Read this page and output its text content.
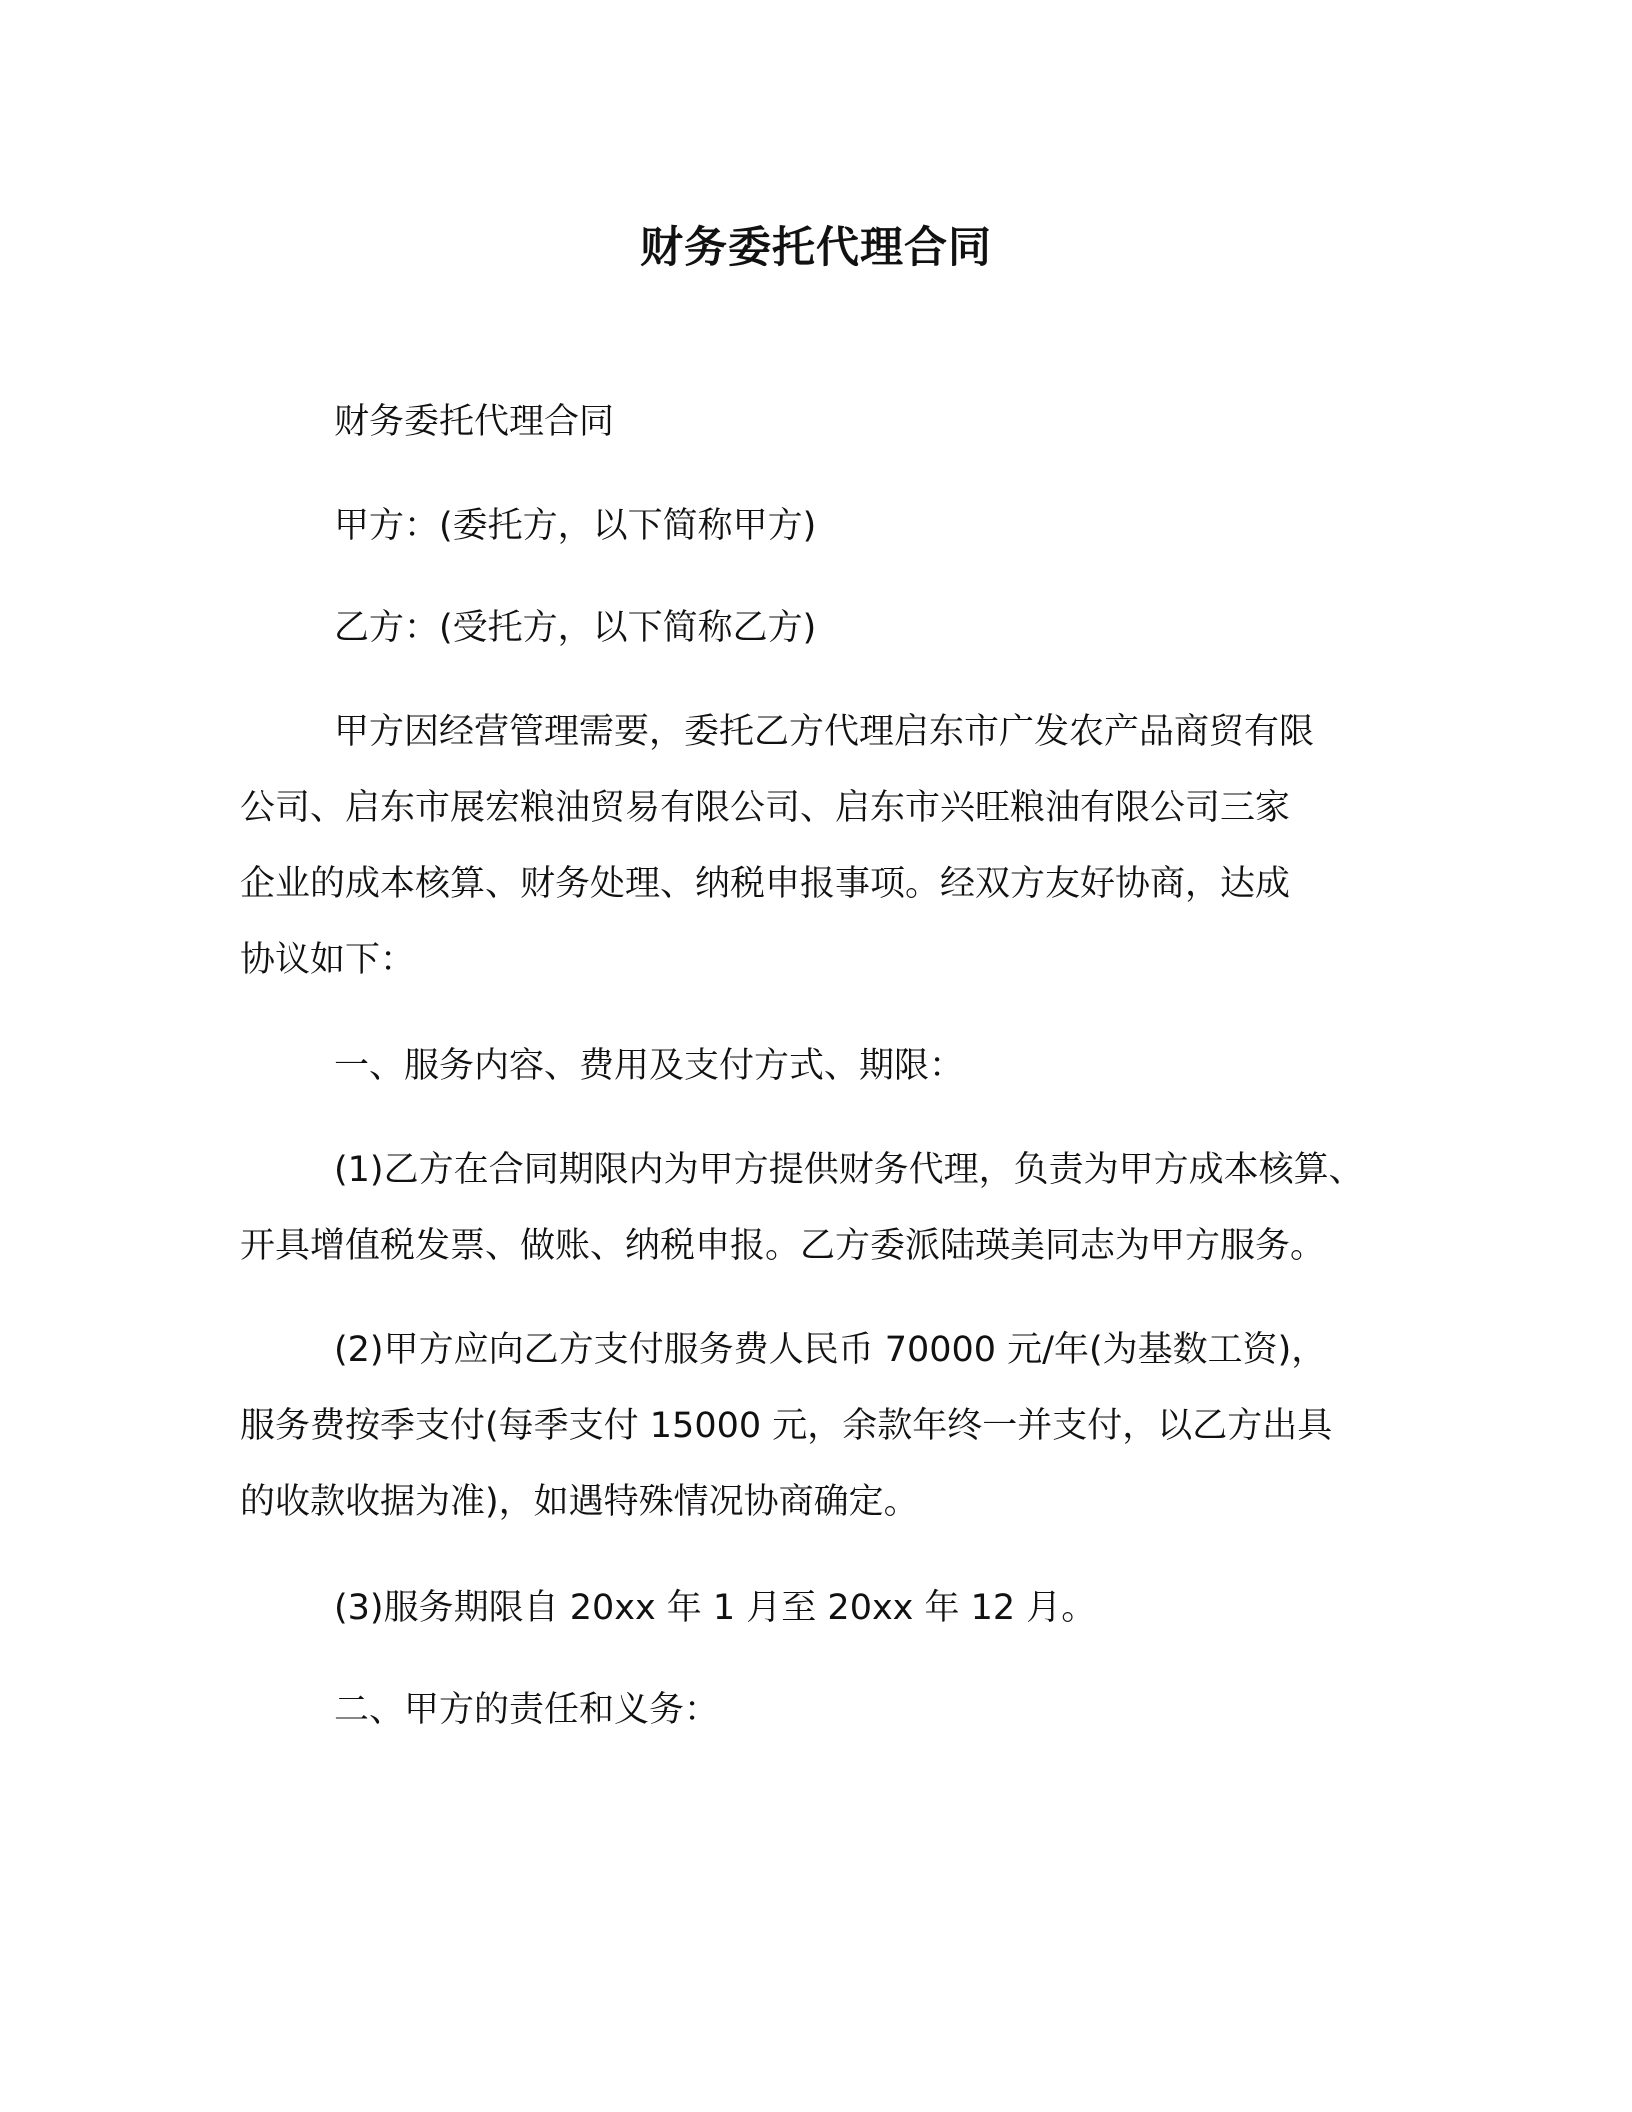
财务委托代理合同

财务委托代理合同

甲方：(委托方，以下简称甲方)

乙方：(受托方，以下简称乙方)

甲方因经营管理需要，委托乙方代理启东市广发农产品商贸有限
公司、启东市展宏粮油贸易有限公司、启东市兴旺粮油有限公司三家
企业的成本核算、财务处理、纳税申报事项。经双方友好协商，达成
协议如下：

一、服务内容、费用及支付方式、期限：

(1)乙方在合同期限内为甲方提供财务代理，负责为甲方成本核算、
开具增值税发票、做账、纳税申报。乙方委派陆瑛美同志为甲方服务。
(2)甲方应向乙方支付服务费人民币 70000 元/年(为基数工资)，
服务费按季支付(每季支付 15000 元，余款年终一并支付，以乙方出具
的收款收据为准)，如遇特殊情况协商确定。

(3)服务期限自 20xx 年 1 月至 20xx 年 12 月。

二、甲方的责任和义务：
